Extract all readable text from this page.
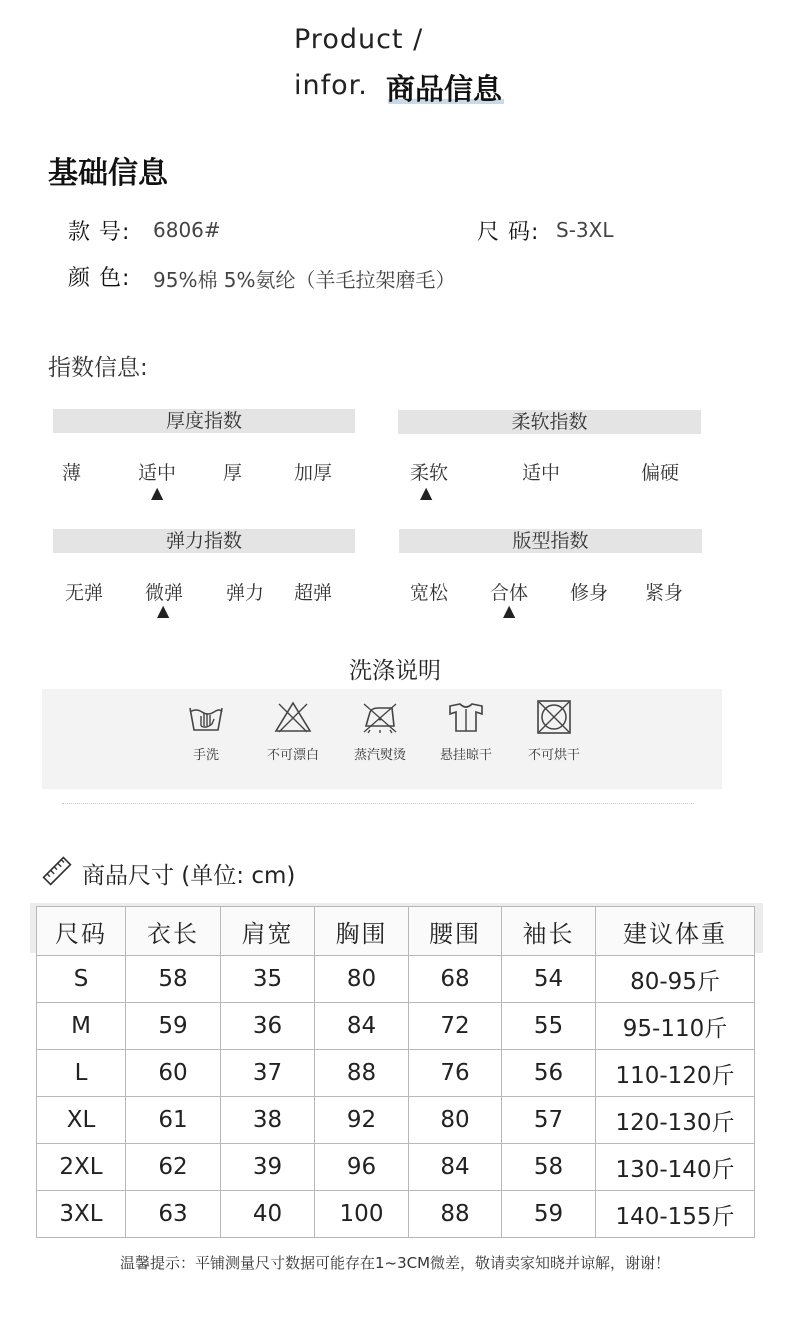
Product /
infor. 商品信息
基础信息
款 号: 6806#	尺 码: S-3XL
颜 色: 95%棉 5%氨纶（羊毛拉架磨毛）
指数信息:
厚度指数
薄	适中 厚	加厚
▲
柔软指数
柔软	适中	偏硬
▲
弹力指数
无弹 微弹 弹力 超弹
▲
版型指数
宽松 合体 修身 紧身
▲
洗涤说明
手洗	不可漂白	蒸汽熨烫	悬挂晾干	不可烘干
商品尺寸 (单位: cm)
尺码	衣长	肩宽	胸围	腰围	袖长	建议体重
S	58	35	80	68	54	80-95斤
M	59	36	84	72	55	95-110斤
L	60	37	88	76	56	110-120斤
XL	61	38	92	80	57	120-130斤
2XL	62	39	96	84	58	130-140斤
3XL	63	40	100	88	59	140-155斤
温馨提示：平铺测量尺寸数据可能存在1~3CM微差，敬请卖家知晓并谅解，谢谢！
